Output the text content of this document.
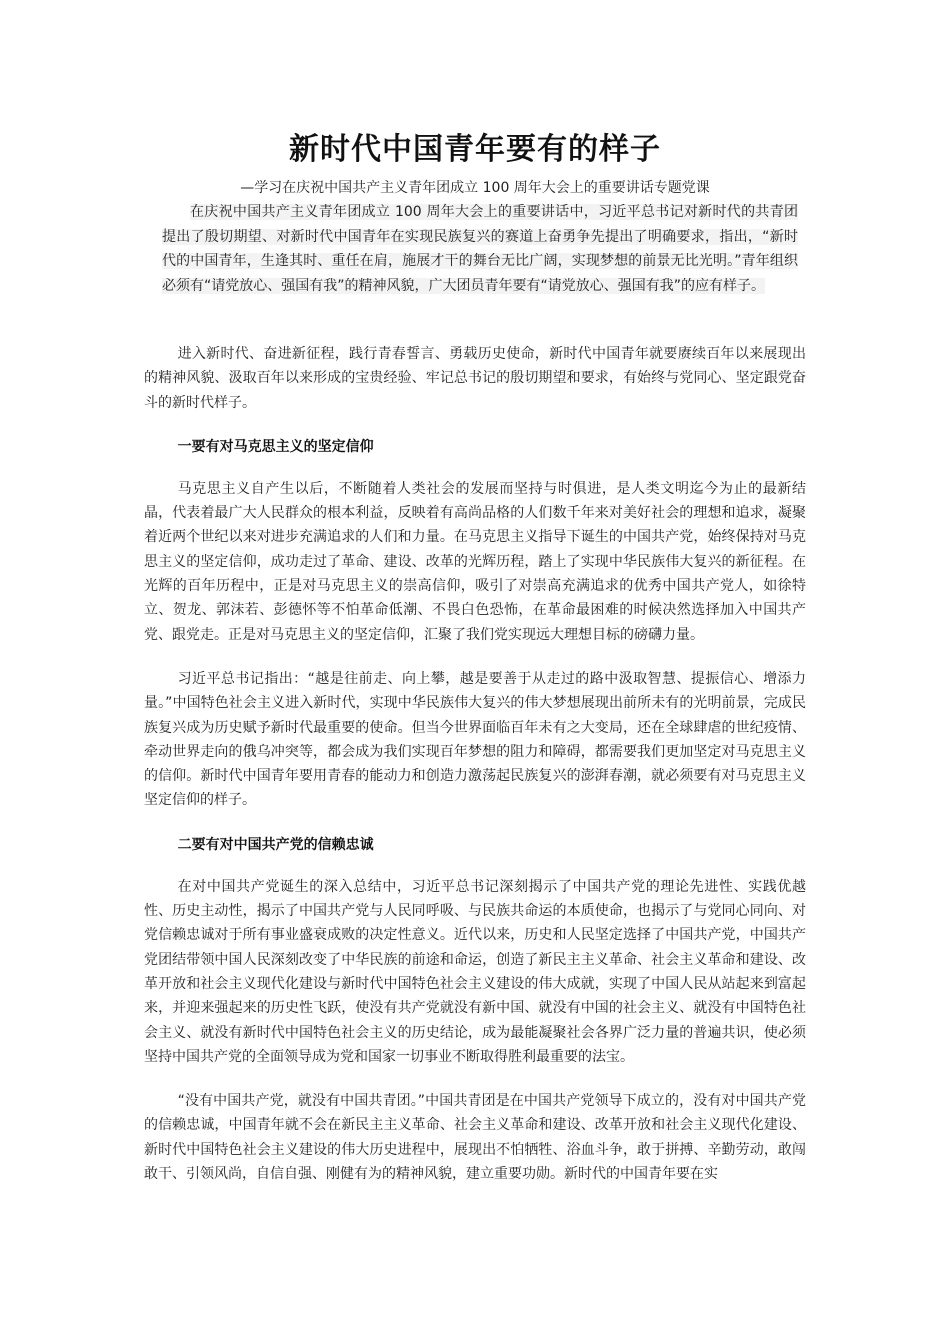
新时代中国青年要有的样子
—学习在庆祝中国共产主义青年团成立 100 周年大会上的重要讲话专题党课
在庆祝中国共产主义青年团成立 100 周年大会上的重要讲话中，习近平总书记对新时代的共青团提出了殷切期望、对新时代中国青年在实现民族复兴的赛道上奋勇争先提出了明确要求，指出，“新时代的中国青年，生逢其时、重任在肩，施展才干的舞台无比广阔，实现梦想的前景无比光明。”青年组织必须有“请党放心、强国有我”的精神风貌，广大团员青年要有“请党放心、强国有我”的应有样子。

进入新时代、奋进新征程，践行青春誓言、勇载历史使命，新时代中国青年就要赓续百年以来展现出的精神风貌、汲取百年以来形成的宝贵经验、牢记总书记的殷切期望和要求，有始终与党同心、坚定跟党奋斗的新时代样子。

一要有对马克思主义的坚定信仰

马克思主义自产生以后，不断随着人类社会的发展而坚持与时俱进，是人类文明迄今为止的最新结晶，代表着最广大人民群众的根本利益，反映着有高尚品格的人们数千年来对美好社会的理想和追求，凝聚着近两个世纪以来对进步充满追求的人们和力量。在马克思主义指导下诞生的中国共产党，始终保持对马克思主义的坚定信仰，成功走过了革命、建设、改革的光辉历程，踏上了实现中华民族伟大复兴的新征程。在光辉的百年历程中，正是对马克思主义的崇高信仰，吸引了对崇高充满追求的优秀中国共产党人，如徐特立、贺龙、郭沫若、彭德怀等不怕革命低潮、不畏白色恐怖，在革命最困难的时候决然选择加入中国共产党、跟党走。正是对马克思主义的坚定信仰，汇聚了我们党实现远大理想目标的磅礴力量。

习近平总书记指出：“越是往前走、向上攀，越是要善于从走过的路中汲取智慧、提振信心、增添力量。”中国特色社会主义进入新时代，实现中华民族伟大复兴的伟大梦想展现出前所未有的光明前景，完成民族复兴成为历史赋予新时代最重要的使命。但当今世界面临百年未有之大变局，还在全球肆虐的世纪疫情、牵动世界走向的俄乌冲突等，都会成为我们实现百年梦想的阻力和障碍，都需要我们更加坚定对马克思主义的信仰。新时代中国青年要用青春的能动力和创造力激荡起民族复兴的澎湃春潮，就必须要有对马克思主义坚定信仰的样子。

二要有对中国共产党的信赖忠诚

在对中国共产党诞生的深入总结中，习近平总书记深刻揭示了中国共产党的理论先进性、实践优越性、历史主动性，揭示了中国共产党与人民同呼吸、与民族共命运的本质使命，也揭示了与党同心同向、对党信赖忠诚对于所有事业盛衰成败的决定性意义。近代以来，历史和人民坚定选择了中国共产党，中国共产党团结带领中国人民深刻改变了中华民族的前途和命运，创造了新民主主义革命、社会主义革命和建设、改革开放和社会主义现代化建设与新时代中国特色社会主义建设的伟大成就，实现了中国人民从站起来到富起来，并迎来强起来的历史性飞跃，使没有共产党就没有新中国、就没有中国的社会主义、就没有中国特色社会主义、就没有新时代中国特色社会主义的历史结论，成为最能凝聚社会各界广泛力量的普遍共识，使必须坚持中国共产党的全面领导成为党和国家一切事业不断取得胜利最重要的法宝。

“没有中国共产党，就没有中国共青团。”中国共青团是在中国共产党领导下成立的，没有对中国共产党的信赖忠诚，中国青年就不会在新民主主义革命、社会主义革命和建设、改革开放和社会主义现代化建设、新时代中国特色社会主义建设的伟大历史进程中，展现出不怕牺牲、浴血斗争，敢于拼搏、辛勤劳动，敢闯敢干、引领风尚，自信自强、刚健有为的精神风貌，建立重要功勋。新时代的中国青年要在实
